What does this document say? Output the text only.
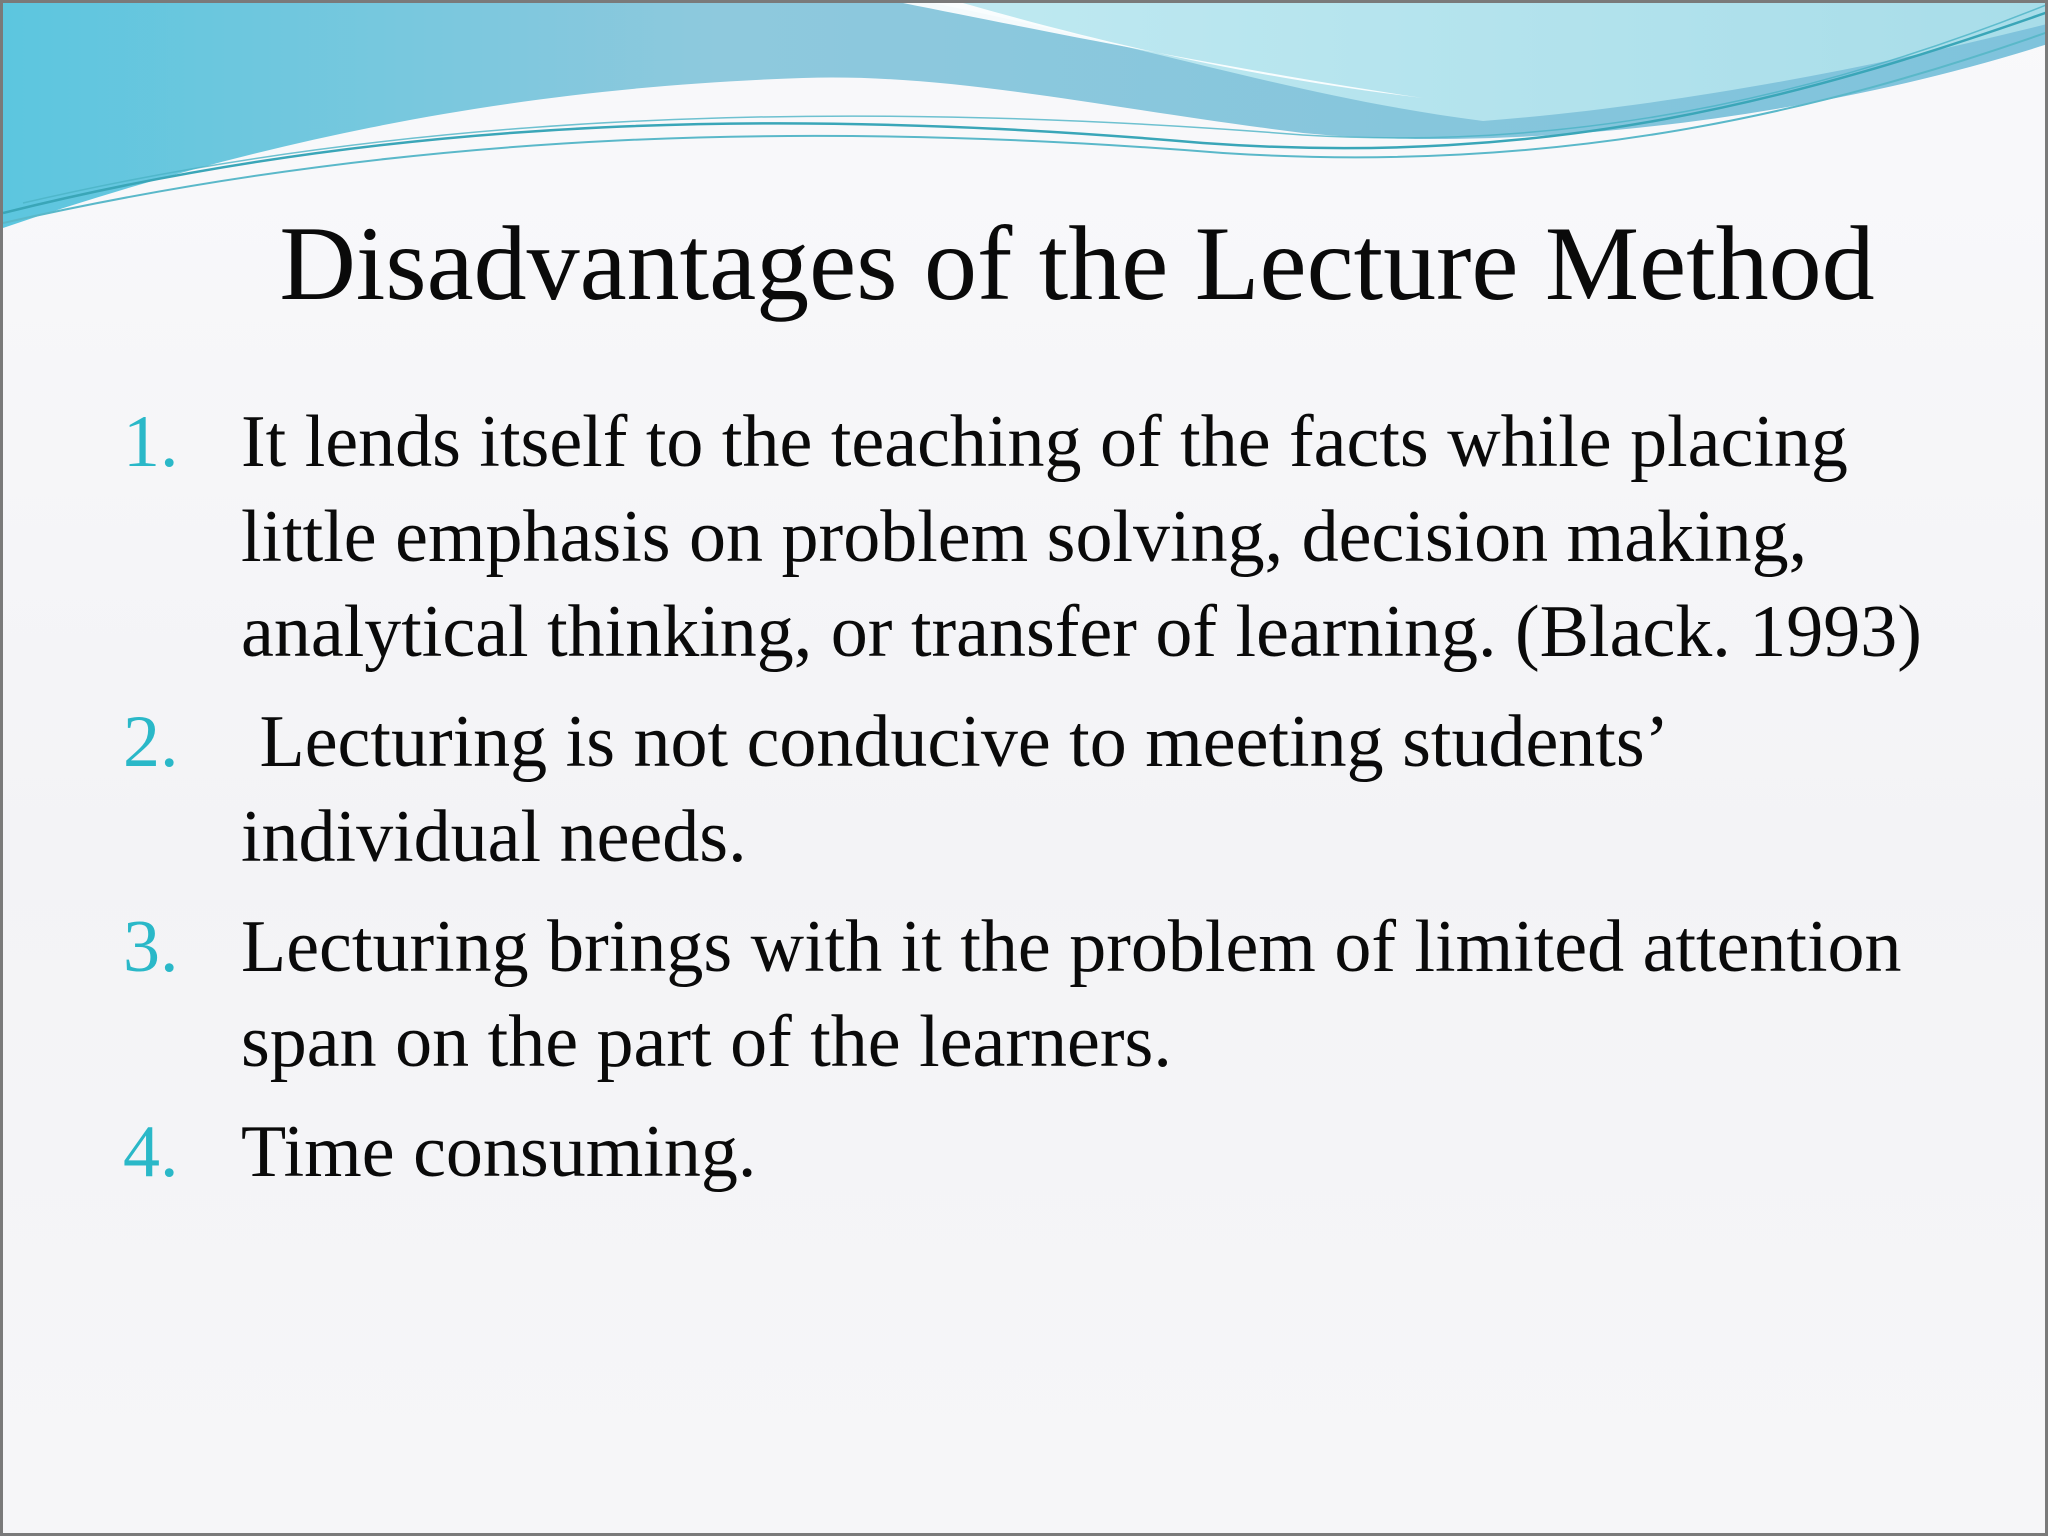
Disadvantages of the Lecture Method
1. It lends itself to the teaching of the facts while placing little emphasis on problem solving, decision making, analytical thinking, or transfer of learning. (Black. 1993)
2. Lecturing is not conducive to meeting students’ individual needs.
3. Lecturing brings with it the problem of limited attention span on the part of the learners.
4. Time consuming.
